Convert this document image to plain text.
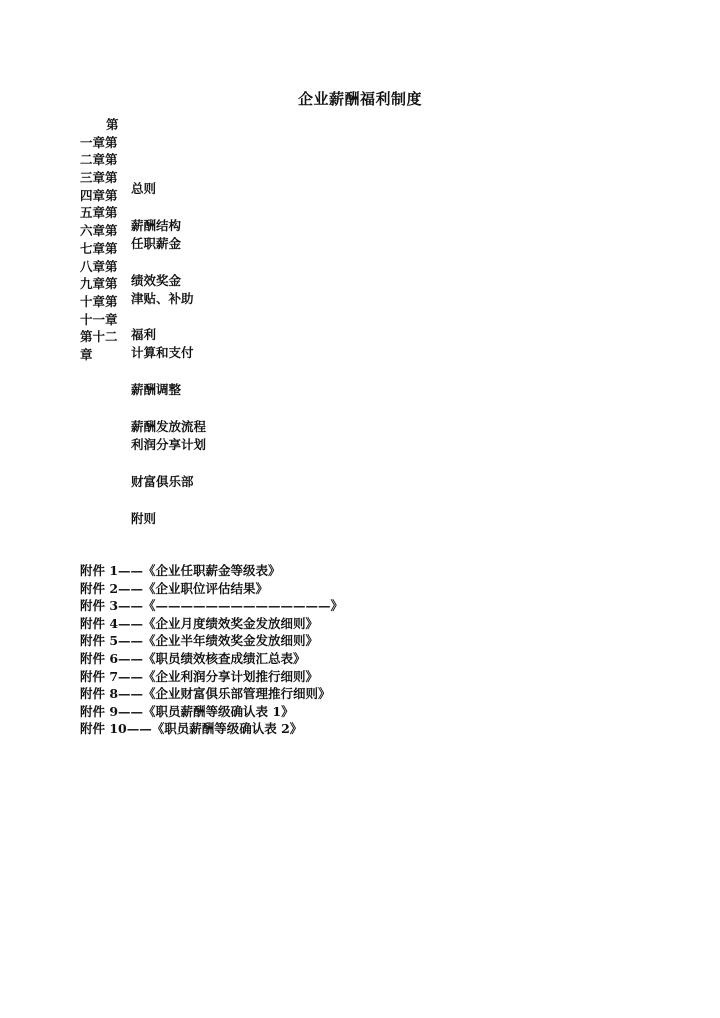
企业薪酬福利制度
第
一章第
二章第
三章第
四章第
五章第
六章第
七章第
八章第
九章第
十章第
十一章
第十二
章
总则
薪酬结构
任职薪金
绩效奖金
津贴、补助
福利
计算和支付
薪酬调整
薪酬发放流程
利润分享计划
财富俱乐部
附则
附件 1——《企业任职薪金等级表》
附件 2——《企业职位评估结果》
附件 3——《——————————————》
附件 4——《企业月度绩效奖金发放细则》
附件 5——《企业半年绩效奖金发放细则》
附件 6——《职员绩效核查成绩汇总表》
附件 7——《企业利润分享计划推行细则》
附件 8——《企业财富俱乐部管理推行细则》
附件 9——《职员薪酬等级确认表 1》
附件 10——《职员薪酬等级确认表 2》
